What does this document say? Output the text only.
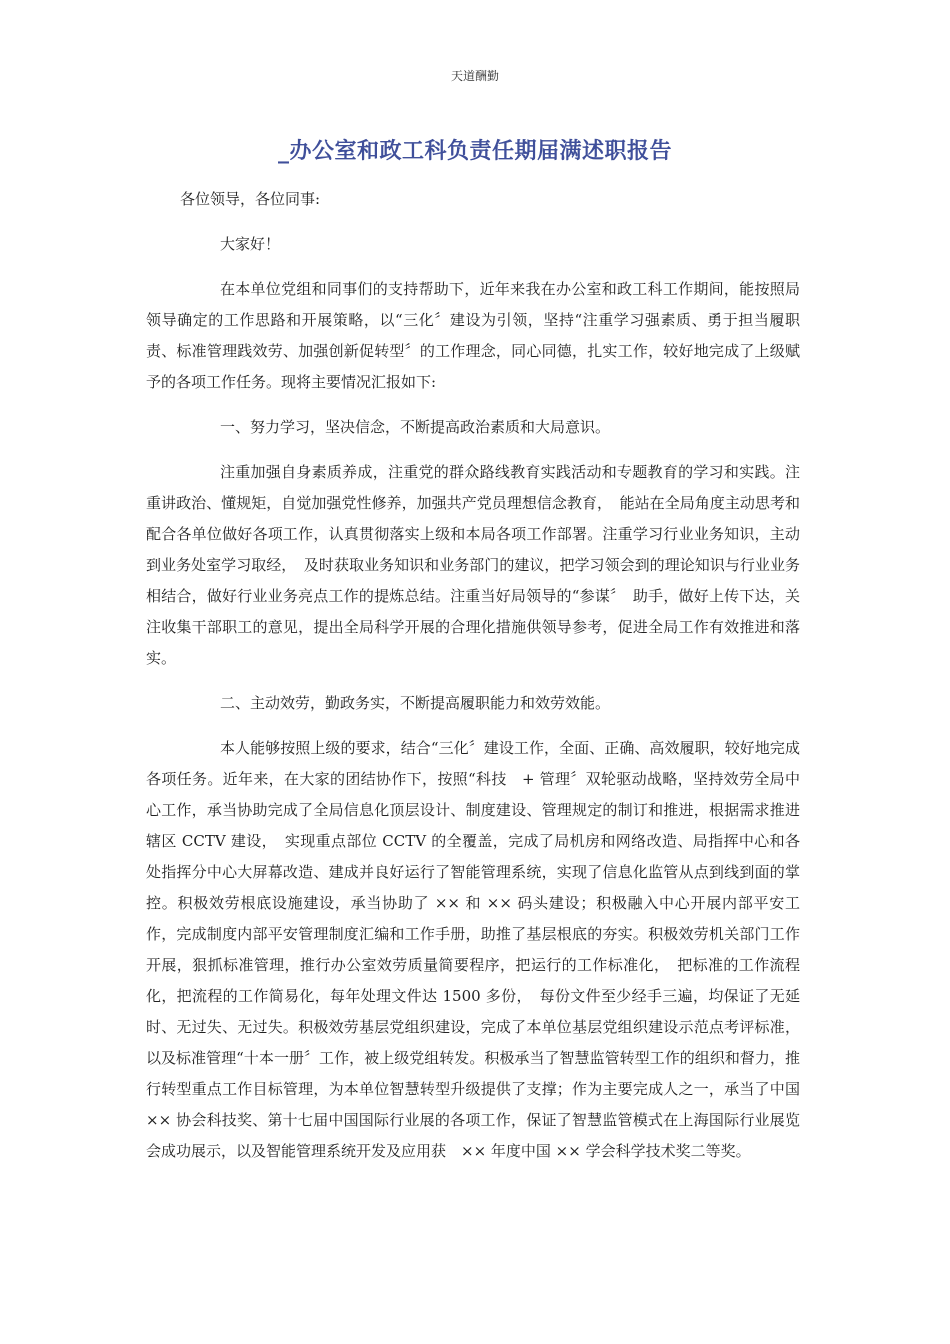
天道酬勤
_办公室和政工科负责任期届满述职报告

各位领导，各位同事:

大家好！

在本单位党组和同事们的支持帮助下，近年来我在办公室和政工科工作期间，能按照局领导确定的工作思路和开展策略，以“三化〞建设为引领，坚持“注重学习强素质、勇于担当履职责、标准管理践效劳、加强创新促转型〞的工作理念，同心同德，扎实工作，较好地完成了上级赋予的各项工作任务。现将主要情况汇报如下:

一、努力学习，坚决信念，不断提高政治素质和大局意识。

注重加强自身素质养成，注重党的群众路线教育实践活动和专题教育的学习和实践。注重讲政治、懂规矩，自觉加强党性修养，加强共产党员理想信念教育，　能站在全局角度主动思考和配合各单位做好各项工作，认真贯彻落实上级和本局各项工作部署。注重学习行业业务知识，主动到业务处室学习取经，　及时获取业务知识和业务部门的建议，把学习领会到的理论知识与行业业务相结合，做好行业业务亮点工作的提炼总结。注重当好局领导的“参谋〞　助手，做好上传下达，关注收集干部职工的意见，提出全局科学开展的合理化措施供领导参考，促进全局工作有效推进和落实。

二、主动效劳，勤政务实，不断提高履职能力和效劳效能。

本人能够按照上级的要求，结合“三化〞建设工作，全面、正确、高效履职，较好地完成各项任务。近年来，在大家的团结协作下，按照“科技　+ 管理〞双轮驱动战略，坚持效劳全局中心工作，承当协助完成了全局信息化顶层设计、制度建设、管理规定的制订和推进，根据需求推进辖区 CCTV 建设，　实现重点部位 CCTV 的全覆盖，完成了局机房和网络改造、局指挥中心和各处指挥分中心大屏幕改造、建成并良好运行了智能管理系统，实现了信息化监管从点到线到面的掌控。积极效劳根底设施建设，承当协助了 ×× 和 ×× 码头建设；积极融入中心开展内部平安工作，完成制度内部平安管理制度汇编和工作手册，助推了基层根底的夯实。积极效劳机关部门工作开展，狠抓标准管理，推行办公室效劳质量简要程序，把运行的工作标准化，　把标准的工作流程化，把流程的工作简易化，每年处理文件达 1500 多份，　每份文件至少经手三遍，均保证了无延时、无过失、无过失。积极效劳基层党组织建设，完成了本单位基层党组织建设示范点考评标准，以及标准管理“十本一册〞工作，被上级党组转发。积极承当了智慧监管转型工作的组织和督力，推行转型重点工作目标管理，为本单位智慧转型升级提供了支撑；作为主要完成人之一，承当了中国 ×× 协会科技奖、第十七届中国国际行业展的各项工作，保证了智慧监管模式在上海国际行业展览会成功展示，以及智能管理系统开发及应用获　×× 年度中国 ×× 学会科学技术奖二等奖。
